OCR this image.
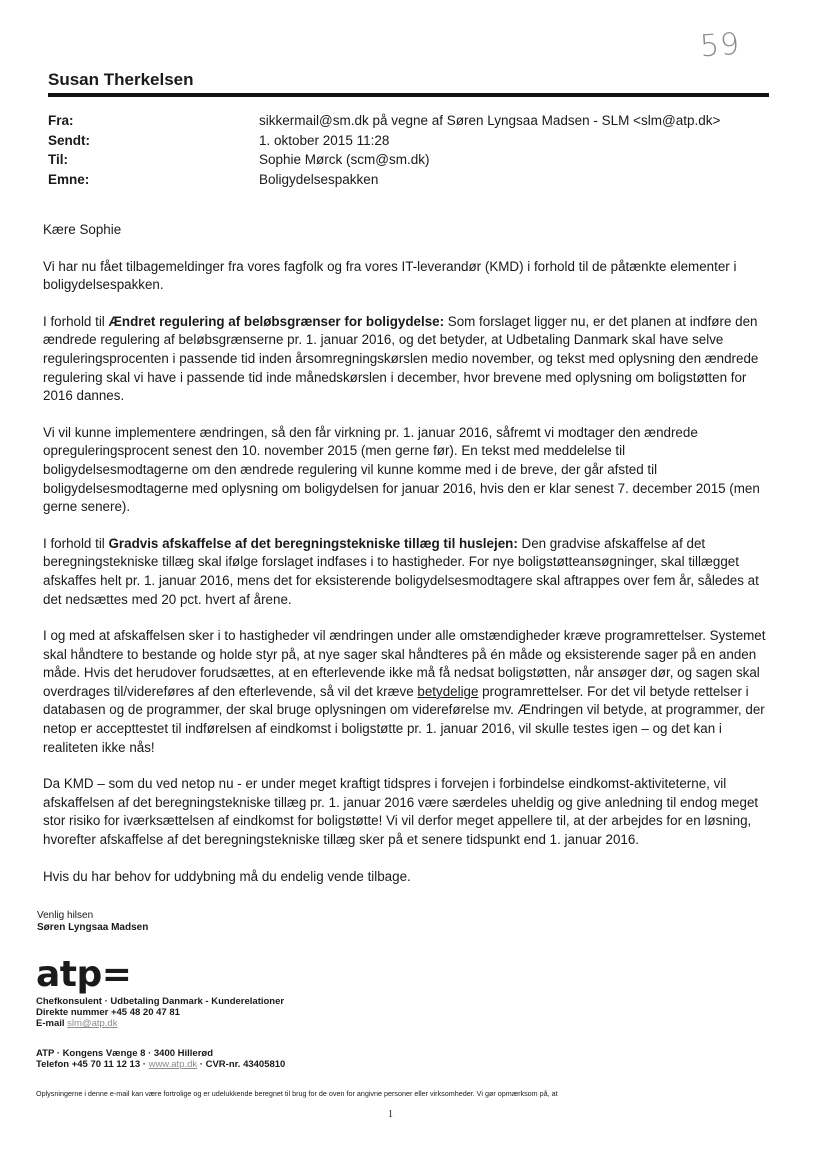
59
Susan Therkelsen
Fra:	sikkermail@sm.dk på vegne af Søren Lyngsaa Madsen - SLM <slm@atp.dk>
Sendt:	1. oktober 2015 11:28
Til:	Sophie Mørck (scm@sm.dk)
Emne:	Boligydelsespakken

Kære Sophie

Vi har nu fået tilbagemeldinger fra vores fagfolk og fra vores IT-leverandør (KMD) i forhold til de påtænkte elementer i boligydelsespakken.

I forhold til Ændret regulering af beløbsgrænser for boligydelse: Som forslaget ligger nu, er det planen at indføre den ændrede regulering af beløbsgrænserne pr. 1. januar 2016, og det betyder, at Udbetaling Danmark skal have selve reguleringsprocenten i passende tid inden årsomregningskørslen medio november, og tekst med oplysning den ændrede regulering skal vi have i passende tid inde månedskørslen i december, hvor brevene med oplysning om boligstøtten for 2016 dannes.

Vi vil kunne implementere ændringen, så den får virkning pr. 1. januar 2016, såfremt vi modtager den ændrede opreguleringsprocent senest den 10. november 2015 (men gerne før). En tekst med meddelelse til boligydelsesmodtagerne om den ændrede regulering vil kunne komme med i de breve, der går afsted til boligydelsesmodtagerne med oplysning om boligydelsen for januar 2016, hvis den er klar senest 7. december 2015 (men gerne senere).

I forhold til Gradvis afskaffelse af det beregningstekniske tillæg til huslejen: Den gradvise afskaffelse af det beregningstekniske tillæg skal ifølge forslaget indfases i to hastigheder. For nye boligstøtteansøgninger, skal tillægget afskaffes helt pr. 1. januar 2016, mens det for eksisterende boligydelsesmodtagere skal aftrappes over fem år, således at det nedsættes med 20 pct. hvert af årene.

I og med at afskaffelsen sker i to hastigheder vil ændringen under alle omstændigheder kræve programrettelser. Systemet skal håndtere to bestande og holde styr på, at nye sager skal håndteres på én måde og eksisterende sager på en anden måde. Hvis det herudover forudsættes, at en efterlevende ikke må få nedsat boligstøtten, når ansøger dør, og sagen skal overdrages til/videreføres af den efterlevende, så vil det kræve betydelige programrettelser. For det vil betyde rettelser i databasen og de programmer, der skal bruge oplysningen om videreførelse mv. Ændringen vil betyde, at programmer, der netop er accepttestet til indførelsen af eindkomst i boligstøtte pr. 1. januar 2016, vil skulle testes igen – og det kan i realiteten ikke nås!

Da KMD – som du ved netop nu - er under meget kraftigt tidspres i forvejen i forbindelse eindkomst-aktiviteterne, vil afskaffelsen af det beregningstekniske tillæg pr. 1. januar 2016 være særdeles uheldig og give anledning til endog meget stor risiko for iværksættelsen af eindkomst for boligstøtte! Vi vil derfor meget appellere til, at der arbejdes for en løsning, hvorefter afskaffelse af det beregningstekniske tillæg sker på et senere tidspunkt end 1. januar 2016.

Hvis du har behov for uddybning må du endelig vende tilbage.

Venlig hilsen
Søren Lyngsaa Madsen
atp=
Chefkonsulent · Udbetaling Danmark - Kunderelationer
Direkte nummer +45 48 20 47 81
E-mail slm@atp.dk
ATP · Kongens Vænge 8 · 3400 Hillerød
Telefon +45 70 11 12 13 · www.atp.dk · CVR-nr. 43405810
Oplysningerne i denne e-mail kan være fortrolige og er udelukkende beregnet til brug for de oven for angivne personer eller virksomheder. Vi gør opmærksom på, at
1
